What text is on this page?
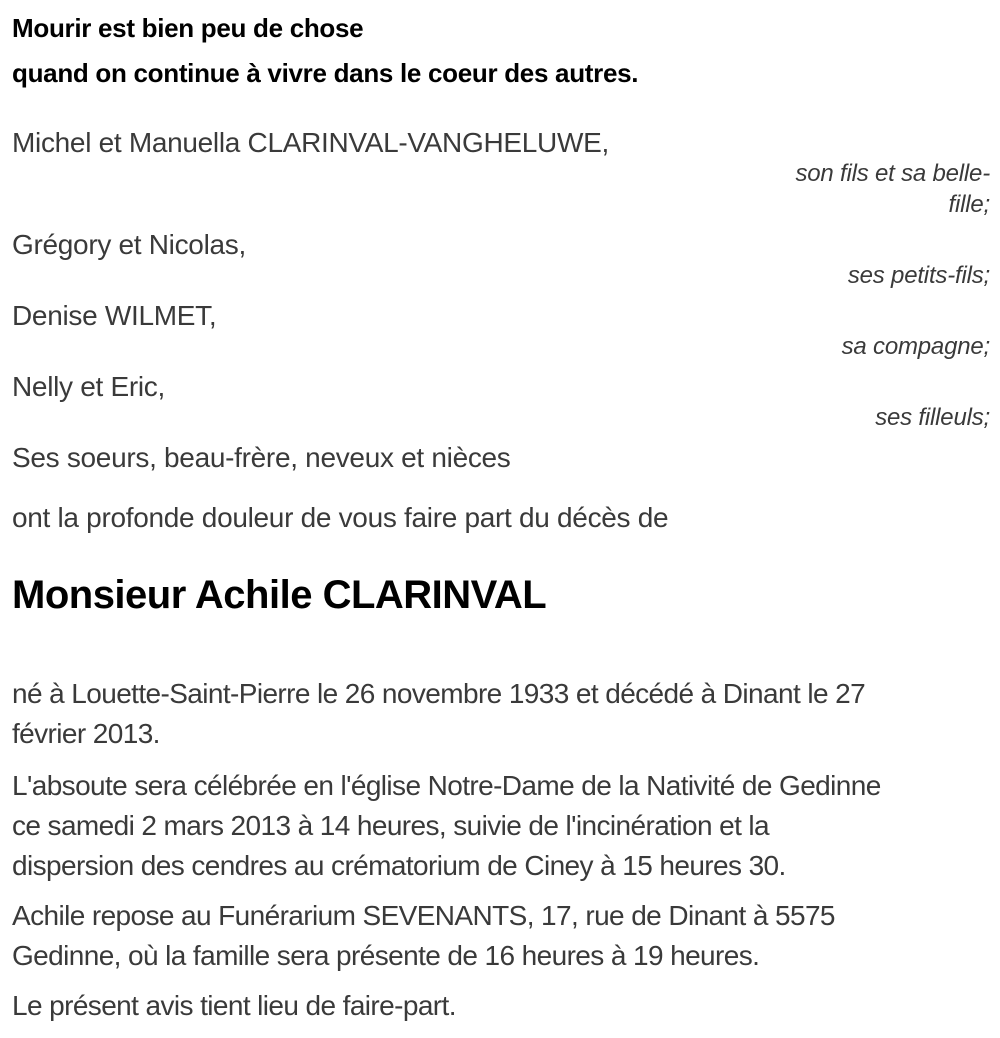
Mourir est bien peu de chose
quand on continue à vivre dans le coeur des autres.
Michel et Manuella CLARINVAL-VANGHELUWE,
son fils et sa belle-
fille;
Grégory et Nicolas,
ses petits-fils;
Denise WILMET,
sa compagne;
Nelly et Eric,
ses filleuls;
Ses soeurs, beau-frère, neveux et nièces
ont la profonde douleur de vous faire part du décès de
Monsieur Achile CLARINVAL
né à Louette-Saint-Pierre le 26 novembre 1933 et décédé à Dinant le 27
février 2013.
L'absoute sera célébrée en l'église Notre-Dame de la Nativité de Gedinne
ce samedi 2 mars 2013 à 14 heures, suivie de l'incinération et la
dispersion des cendres au crématorium de Ciney à 15 heures 30.
Achile repose au Funérarium SEVENANTS, 17, rue de Dinant à 5575
Gedinne, où la famille sera présente de 16 heures à 19 heures.
Le présent avis tient lieu de faire-part.
